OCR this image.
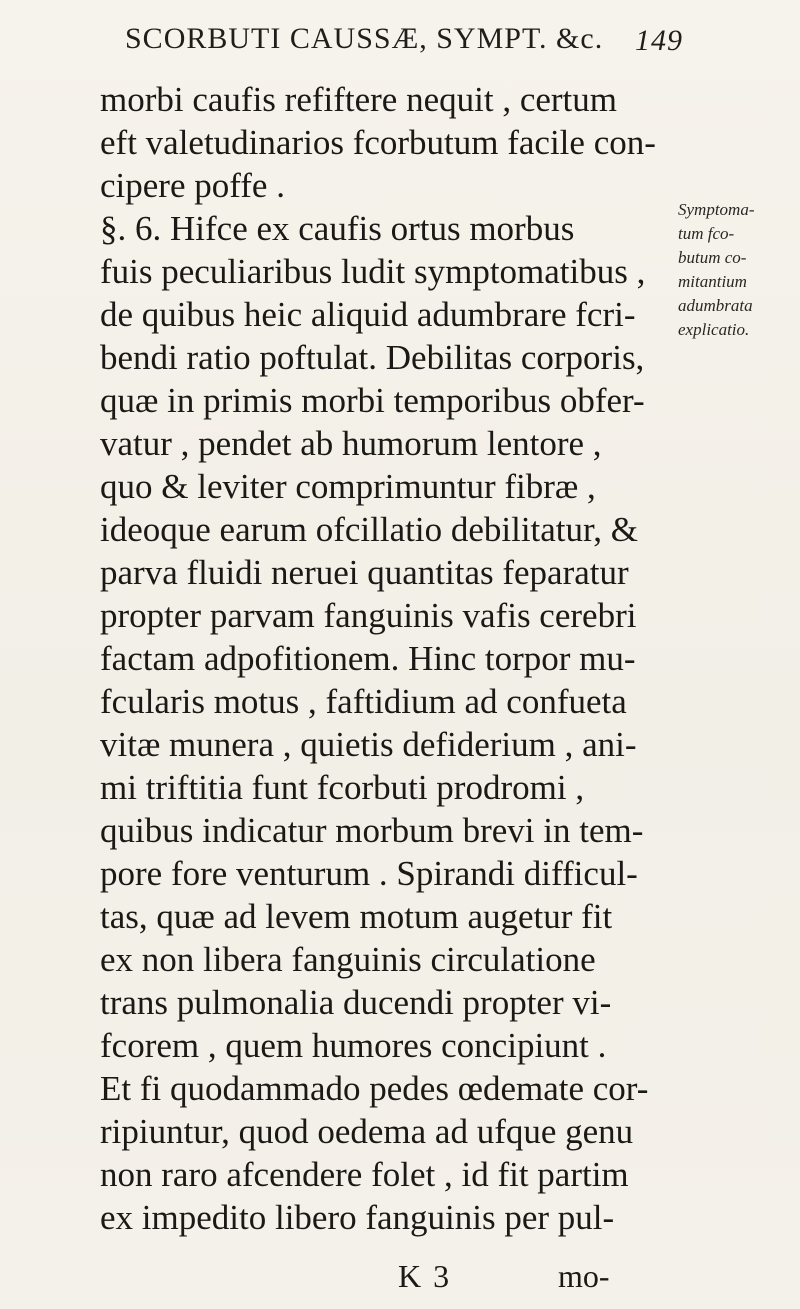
SCORBUTI CAUSSÆ, SYMPT. &c. 149
morbi caufis refiftere nequit , certum
eft valetudinarios fcorbutum facile con-
cipere poffe .
§. 6. Hifce ex caufis ortus morbus
fuis peculiaribus ludit symptomatibus ,
de quibus heic aliquid adumbrare fcri-
bendi ratio poftulat. Debilitas corporis,
quæ in primis morbi temporibus obfer-
vatur , pendet ab humorum lentore ,
quo & leviter comprimuntur fibræ ,
ideoque earum ofcillatio debilitatur, &
parva fluidi neruei quantitas feparatur
propter parvam fanguinis vafis cerebri
factam adpofitionem. Hinc torpor mu-
fcularis motus , faftidium ad confueta
vitæ munera , quietis defiderium , ani-
mi triftitia funt fcorbuti prodromi ,
quibus indicatur morbum brevi in tem-
pore fore venturum . Spirandi difficul-
tas, quæ ad levem motum augetur fit
ex non libera fanguinis circulatione
trans pulmonalia ducendi propter vi-
fcorem , quem humores concipiunt .
Et fi quodammado pedes œdemate cor-
ripiuntur, quod oedema ad ufque genu
non raro afcendere folet , id fit partim
ex impedito libero fanguinis per pul-
Symptoma-
tum fco-
butum co-
mitantium
adumbrata
explicatio.
K 3	mo-
